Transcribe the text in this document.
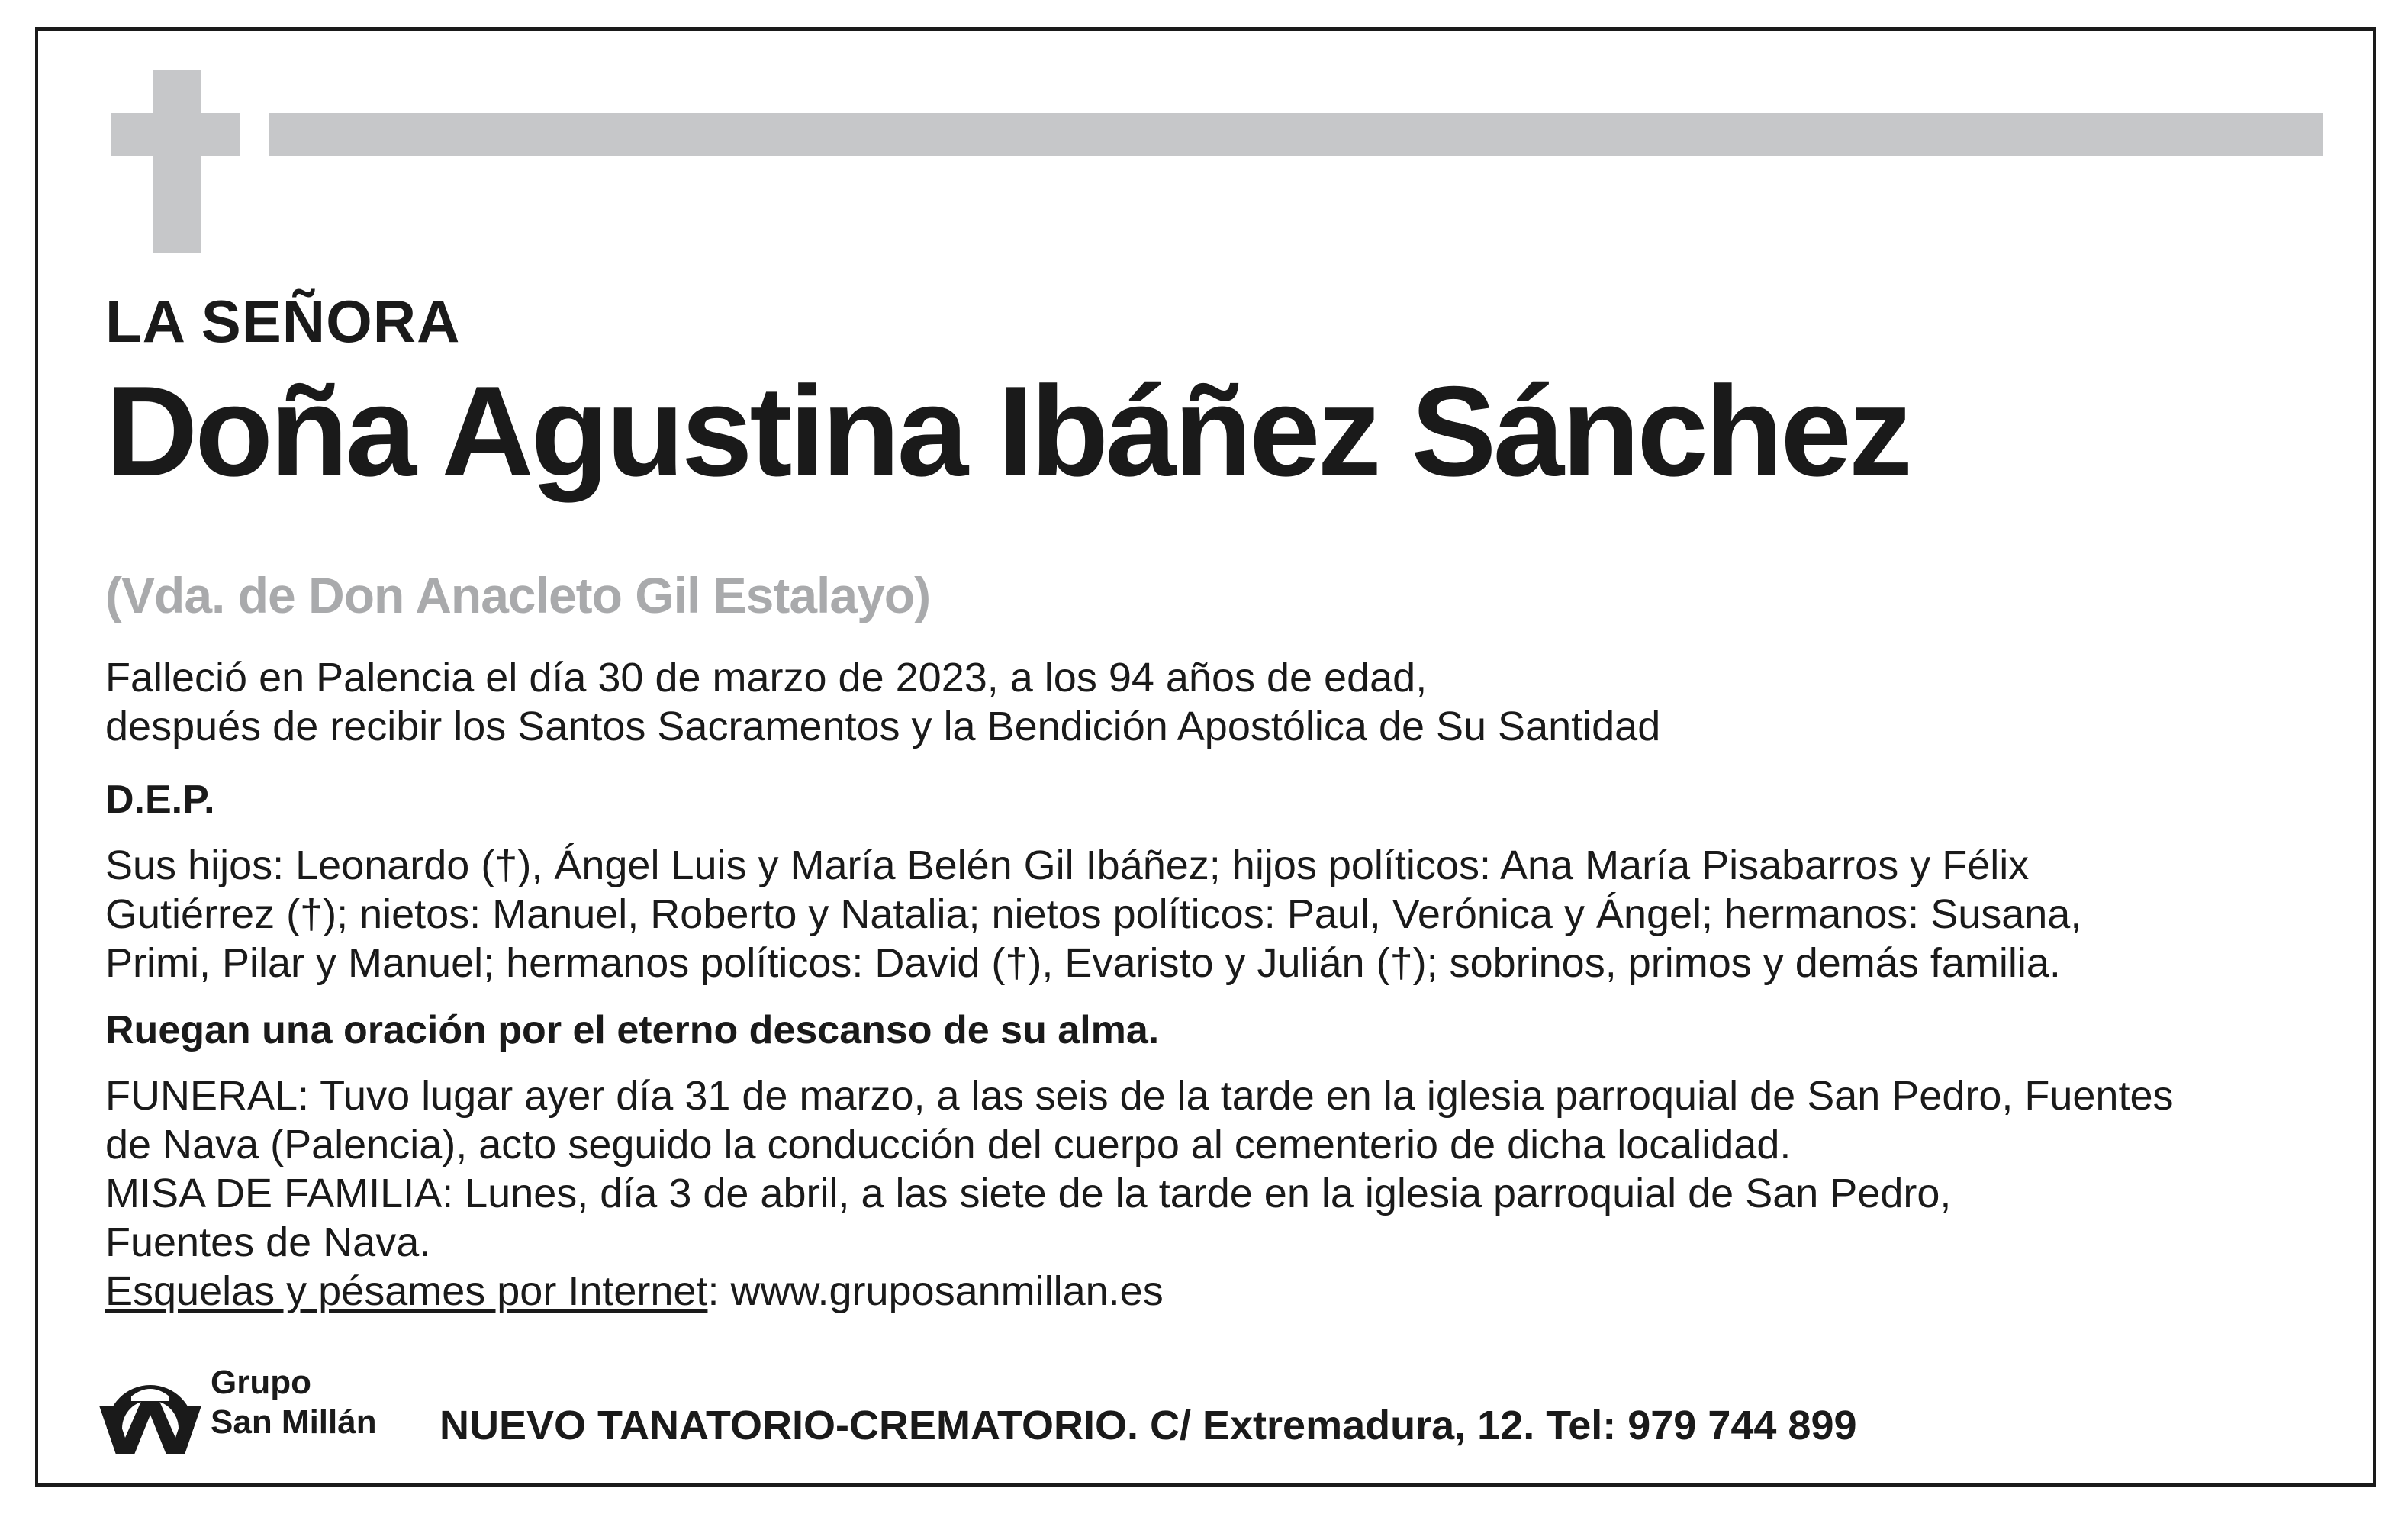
LA SEÑORA

Doña Agustina Ibáñez Sánchez

(Vda. de Don Anacleto Gil Estalayo)

Falleció en Palencia el día 30 de marzo de 2023, a los 94 años de edad,

después de recibir los Santos Sacramentos y la Bendición Apostólica de Su Santidad

D.E.P.

Sus hijos: Leonardo (†), Ángel Luis y María Belén Gil Ibáñez; hijos políticos: Ana María Pisabarros y Félix

Gutiérrez (†); nietos: Manuel, Roberto y Natalia; nietos políticos: Paul, Verónica y Ángel; hermanos: Susana,

Primi, Pilar y Manuel; hermanos políticos: David (†), Evaristo y Julián (†); sobrinos, primos y demás familia.

Ruegan una oración por el eterno descanso de su alma.

FUNERAL: Tuvo lugar ayer día 31 de marzo, a las seis de la tarde en la iglesia parroquial de San Pedro, Fuentes

de Nava (Palencia), acto seguido la conducción del cuerpo al cementerio de dicha localidad.

MISA DE FAMILIA: Lunes, día 3 de abril, a las siete de la tarde en la iglesia parroquial de San Pedro,

Fuentes de Nava.

Esquelas y pésames por Internet: www.gruposanmillan.es

Grupo
San Millán NUEVO TANATORIO-CREMATORIO. C/ Extremadura, 12. Tel: 979 744 899
